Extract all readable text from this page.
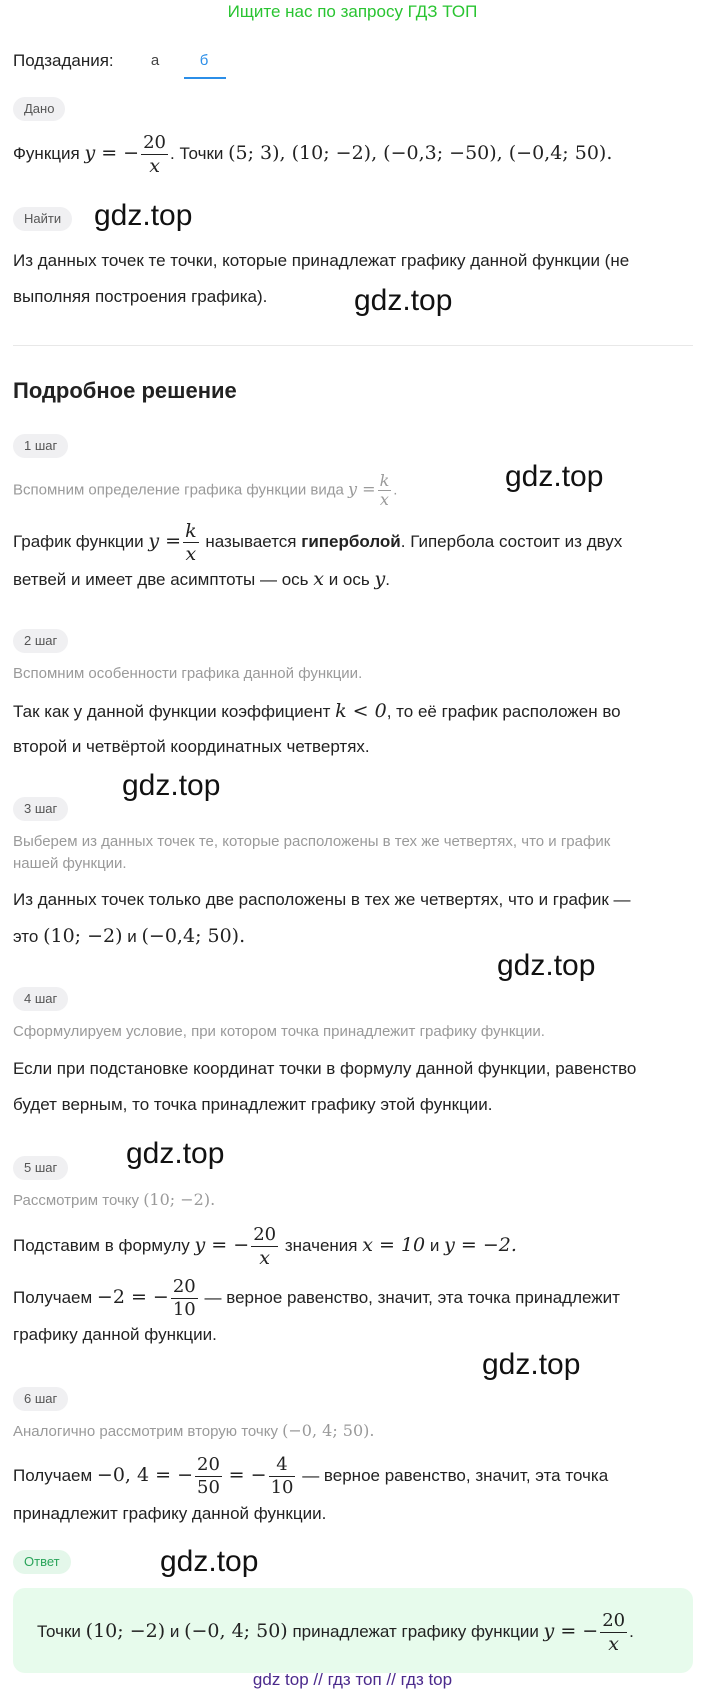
Ищите нас по запросу ГДЗ ТОП
Подзадания:	а	б
Дано
Функция y = − $\frac{20}{x}$ . Точки (5; 3), (10; −2), (−0,3; −50), (−0,4; 50).
Найти	gdz.top
Из данных точек те точки, которые принадлежат графику данной функции (не
выполняя построения графика).	gdz.top
Подробное решение
1 шаг
Вспомним определение графика функции вида $y = \frac{k}{x}$ .	gdz.top
График функции $y = \frac{k}{x}$ называется гиперболой. Гипербола состоит из двух
ветвей и имеет две асимптоты — ось x и ось y.
2 шаг
Вспомним особенности графика данной функции.
Так как у данной функции коэффициент k < 0, то её график расположен во
второй и четвёртой координатных четвертях.
gdz.top
3 шаг
Выберем из данных точек те, которые расположены в тех же четвертях, что и график
нашей функции.
Из данных точек только две расположены в тех же четвертях, что и график —
это (10; −2) и (−0,4; 50).
gdz.top
4 шаг
Сформулируем условие, при котором точка принадлежит графику функции.
Если при подстановке координат точки в формулу данной функции, равенство
будет верным, то точка принадлежит графику этой функции.
5 шаг	gdz.top
Рассмотрим точку (10; −2).
Подставим в формулу y = − $\frac{20}{x}$ значения x = 10 и y = −2.
Получаем −2 = − $\frac{20}{10}$ — верное равенство, значит, эта точка принадлежит
графику данной функции.
gdz.top
6 шаг
Аналогично рассмотрим вторую точку (−0, 4; 50).
Получаем −0, 4 = − $\frac{20}{50}$ = − $\frac{4}{10}$ — верное равенство, значит, эта точка
принадлежит графику данной функции.
Ответ	gdz.top
Точки (10; −2) и (−0, 4; 50) принадлежат графику функции y = − $\frac{20}{x}$ .
gdz top // гдз топ // гдз top
